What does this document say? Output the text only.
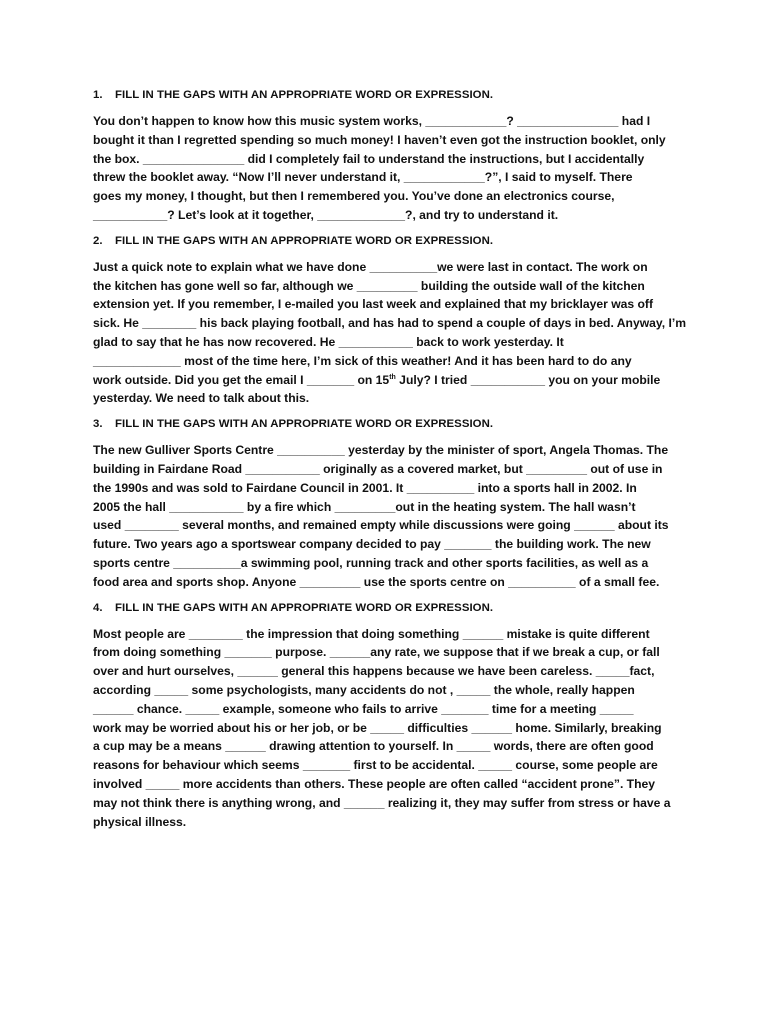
1. FILL IN THE GAPS WITH AN APPROPRIATE WORD OR EXPRESSION.
You don’t happen to know how this music system works, ____________? _______________ had I
bought it than I regretted spending so much money! I haven’t even got the instruction booklet, only
the box. _______________ did I completely fail to understand the instructions, but I accidentally
threw the booklet away. “Now I’ll never understand it, ____________?”, I said to myself. There
goes my money, I thought, but then I remembered you. You’ve done an electronics course,
___________? Let’s look at it together, _____________?, and try to understand it.
2. FILL IN THE GAPS WITH AN APPROPRIATE WORD OR EXPRESSION.
Just a quick note to explain what we have done __________we were last in contact. The work on
the kitchen has gone well so far, although we _________ building the outside wall of the kitchen
extension yet. If you remember, I e-mailed you last week and explained that my bricklayer was off
sick. He ________ his back playing football, and has had to spend a couple of days in bed. Anyway, I’m
glad to say that he has now recovered. He ___________ back to work yesterday. It
_____________ most of the time here, I’m sick of this weather! And it has been hard to do any
work outside. Did you get the email I _______ on 15th July? I tried ___________ you on your mobile
yesterday. We need to talk about this.
3. FILL IN THE GAPS WITH AN APPROPRIATE WORD OR EXPRESSION.
The new Gulliver Sports Centre __________ yesterday by the minister of sport, Angela Thomas. The
building in Fairdane Road ___________ originally as a covered market, but _________ out of use in
the 1990s and was sold to Fairdane Council in 2001. It __________ into a sports hall in 2002. In
2005 the hall ___________ by a fire which _________out in the heating system. The hall wasn’t
used ________ several months, and remained empty while discussions were going ______ about its
future. Two years ago a sportswear company decided to pay _______ the building work. The new
sports centre __________a swimming pool, running track and other sports facilities, as well as a
food area and sports shop. Anyone _________ use the sports centre on __________ of a small fee.
4. FILL IN THE GAPS WITH AN APPROPRIATE WORD OR EXPRESSION.
Most people are ________ the impression that doing something ______ mistake is quite different
from doing something _______ purpose. ______any rate, we suppose that if we break a cup, or fall
over and hurt ourselves, ______ general this happens because we have been careless. _____fact,
according _____ some psychologists, many accidents do not , _____ the whole, really happen
______ chance. _____ example, someone who fails to arrive _______ time for a meeting _____
work may be worried about his or her job, or be _____ difficulties ______ home. Similarly, breaking
a cup may be a means ______ drawing attention to yourself. In _____ words, there are often good
reasons for behaviour which seems _______ first to be accidental. _____ course, some people are
involved _____ more accidents than others. These people are often called “accident prone”. They
may not think there is anything wrong, and ______ realizing it, they may suffer from stress or have a
physical illness.
